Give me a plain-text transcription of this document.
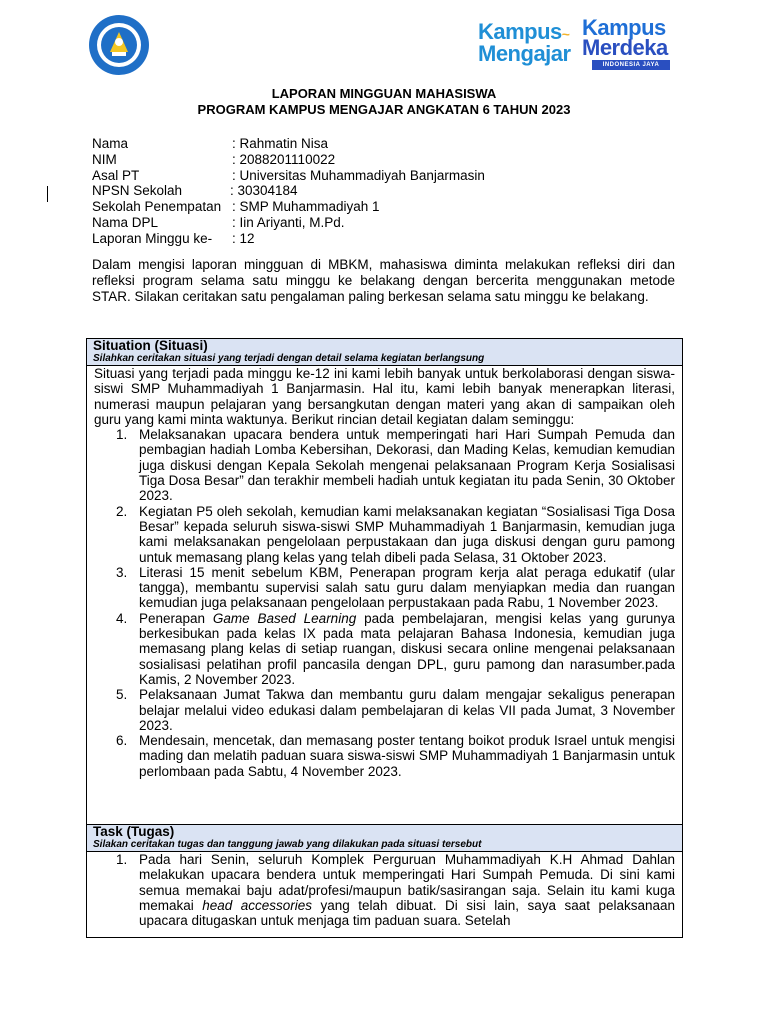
Kampus~
Mengajar
Kampus
Merdeka
INDONESIA JAYA
LAPORAN MINGGUAN MAHASISWA
PROGRAM KAMPUS MENGAJAR ANGKATAN 6 TAHUN 2023
Nama	: Rahmatin Nisa
NIM	: 2088201110022
Asal PT	: Universitas Muhammadiyah Banjarmasin
NPSN Sekolah	: 30304184
Sekolah Penempatan : SMP Muhammadiyah 1
Nama DPL	: Iin Ariyanti, M.Pd.
Laporan Minggu ke- : 12
Dalam mengisi laporan mingguan di MBKM, mahasiswa diminta melakukan refleksi diri dan refleksi program selama satu minggu ke belakang dengan bercerita menggunakan metode STAR. Silakan ceritakan satu pengalaman paling berkesan selama satu minggu ke belakang.
Situation (Situasi)
Silahkan ceritakan situasi yang terjadi dengan detail selama kegiatan berlangsung
Situasi yang terjadi pada minggu ke-12 ini kami lebih banyak untuk berkolaborasi dengan siswa-siswi SMP Muhammadiyah 1 Banjarmasin. Hal itu, kami lebih banyak menerapkan literasi, numerasi maupun pelajaran yang bersangkutan dengan materi yang akan di sampaikan oleh guru yang kami minta waktunya. Berikut rincian detail kegiatan dalam seminggu:
1. Melaksanakan upacara bendera untuk memperingati hari Hari Sumpah Pemuda dan pembagian hadiah Lomba Kebersihan, Dekorasi, dan Mading Kelas, kemudian kemudian juga diskusi dengan Kepala Sekolah mengenai pelaksanaan Program Kerja Sosialisasi Tiga Dosa Besar” dan terakhir membeli hadiah untuk kegiatan itu pada Senin, 30 Oktober 2023.
2. Kegiatan P5 oleh sekolah, kemudian kami melaksanakan kegiatan “Sosialisasi Tiga Dosa Besar” kepada seluruh siswa-siswi SMP Muhammadiyah 1 Banjarmasin, kemudian juga kami melaksanakan pengelolaan perpustakaan dan juga diskusi dengan guru pamong untuk memasang plang kelas yang telah dibeli pada Selasa, 31 Oktober 2023.
3. Literasi 15 menit sebelum KBM, Penerapan program kerja alat peraga edukatif (ular tangga), membantu supervisi salah satu guru dalam menyiapkan media dan ruangan kemudian juga pelaksanaan pengelolaan perpustakaan pada Rabu, 1 November 2023.
4. Penerapan Game Based Learning pada pembelajaran, mengisi kelas yang gurunya berkesibukan pada kelas IX pada mata pelajaran Bahasa Indonesia, kemudian juga memasang plang kelas di setiap ruangan, diskusi secara online mengenai pelaksanaan sosialisasi pelatihan profil pancasila dengan DPL, guru pamong dan narasumber.pada Kamis, 2 November 2023.
5. Pelaksanaan Jumat Takwa dan membantu guru dalam mengajar sekaligus penerapan belajar melalui video edukasi dalam pembelajaran di kelas VII pada Jumat, 3 November 2023.
6. Mendesain, mencetak, dan memasang poster tentang boikot produk Israel untuk mengisi mading dan melatih paduan suara siswa-siswi SMP Muhammadiyah 1 Banjarmasin untuk perlombaan pada Sabtu, 4 November 2023.
Task (Tugas)
Silakan ceritakan tugas dan tanggung jawab yang dilakukan pada situasi tersebut
1. Pada hari Senin, seluruh Komplek Perguruan Muhammadiyah K.H Ahmad Dahlan melakukan upacara bendera untuk memperingati Hari Sumpah Pemuda. Di sini kami semua memakai baju adat/profesi/maupun batik/sasirangan saja. Selain itu kami kuga memakai head accessories yang telah dibuat. Di sisi lain, saya saat pelaksanaan upacara ditugaskan untuk menjaga tim paduan suara. Setelah
